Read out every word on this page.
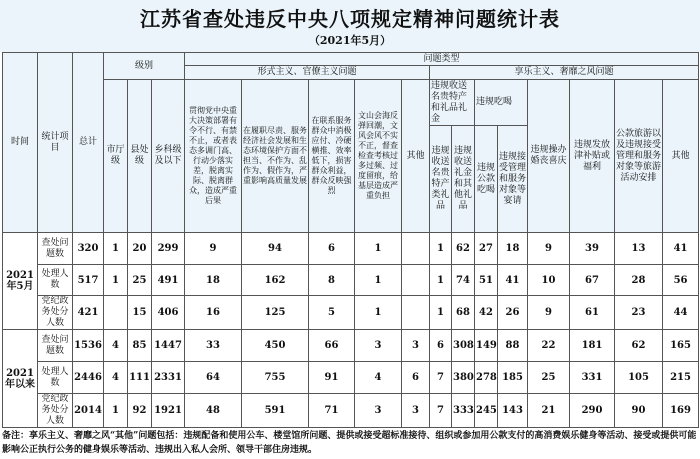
江苏省查处违反中央八项规定精神问题统计表
（2021年5月）
时间	统计项目	总计	级别			问题类型												
						形式主义、官僚主义问题					享乐主义、奢靡之风问题							
			市厅级	县处级	乡科级及以下	贯彻党中央重大决策部署有令不行、有禁不止，或者表态多调门高、行动少落实差，脱离实际、脱离群众，造成严重后果	在履职尽责、服务经济社会发展和生态环境保护方面不担当、不作为、乱作为、假作为，严重影响高质量发展	在联系服务群众中消极应付、冷硬横推、效率低下，损害群众利益，群众反映强烈	文山会海反弹回潮，文风会风不实不正，督查检查考核过多过频、过度留痕，给基层造成严重负担	其他	违规收送名贵特产和礼品礼金		违规吃喝		违规操办婚丧喜庆	违规发放津补贴或福利	公款旅游以及违规接受管理和服务对象等旅游活动安排	其他
											违规收送名贵特产类礼品	违规收送礼金和其他礼品	违规公款吃喝	违规接受管理和服务对象等宴请				
2021年5月	查处问题数	320	1	20	299	9	94	6	1		1	62	27	18	9	39	13	41
	处理人数	517	1	25	491	18	162	8	1		1	74	51	41	10	67	28	56
	党纪政务处分人数	421		15	406	16	125	5	1		1	68	42	26	9	61	23	44
2021年以来	查处问题数	1536	4	85	1447	33	450	66	3	3	6	308	149	88	22	181	62	165
	处理人数	2446	4	111	2331	64	755	91	4	6	7	380	278	185	25	331	105	215
	党纪政务处分人数	2014	1	92	1921	48	591	71	3	3	7	333	245	143	21	290	90	169
备注：享乐主义、奢靡之风“其他”问题包括：违规配备和使用公车、楼堂馆所问题、提供或接受超标准接待、组织或参加用公款支付的高消费娱乐健身等活动、接受或提供可能影响公正执行公务的健身娱乐等活动、违规出入私人会所、领导干部住房违规。
